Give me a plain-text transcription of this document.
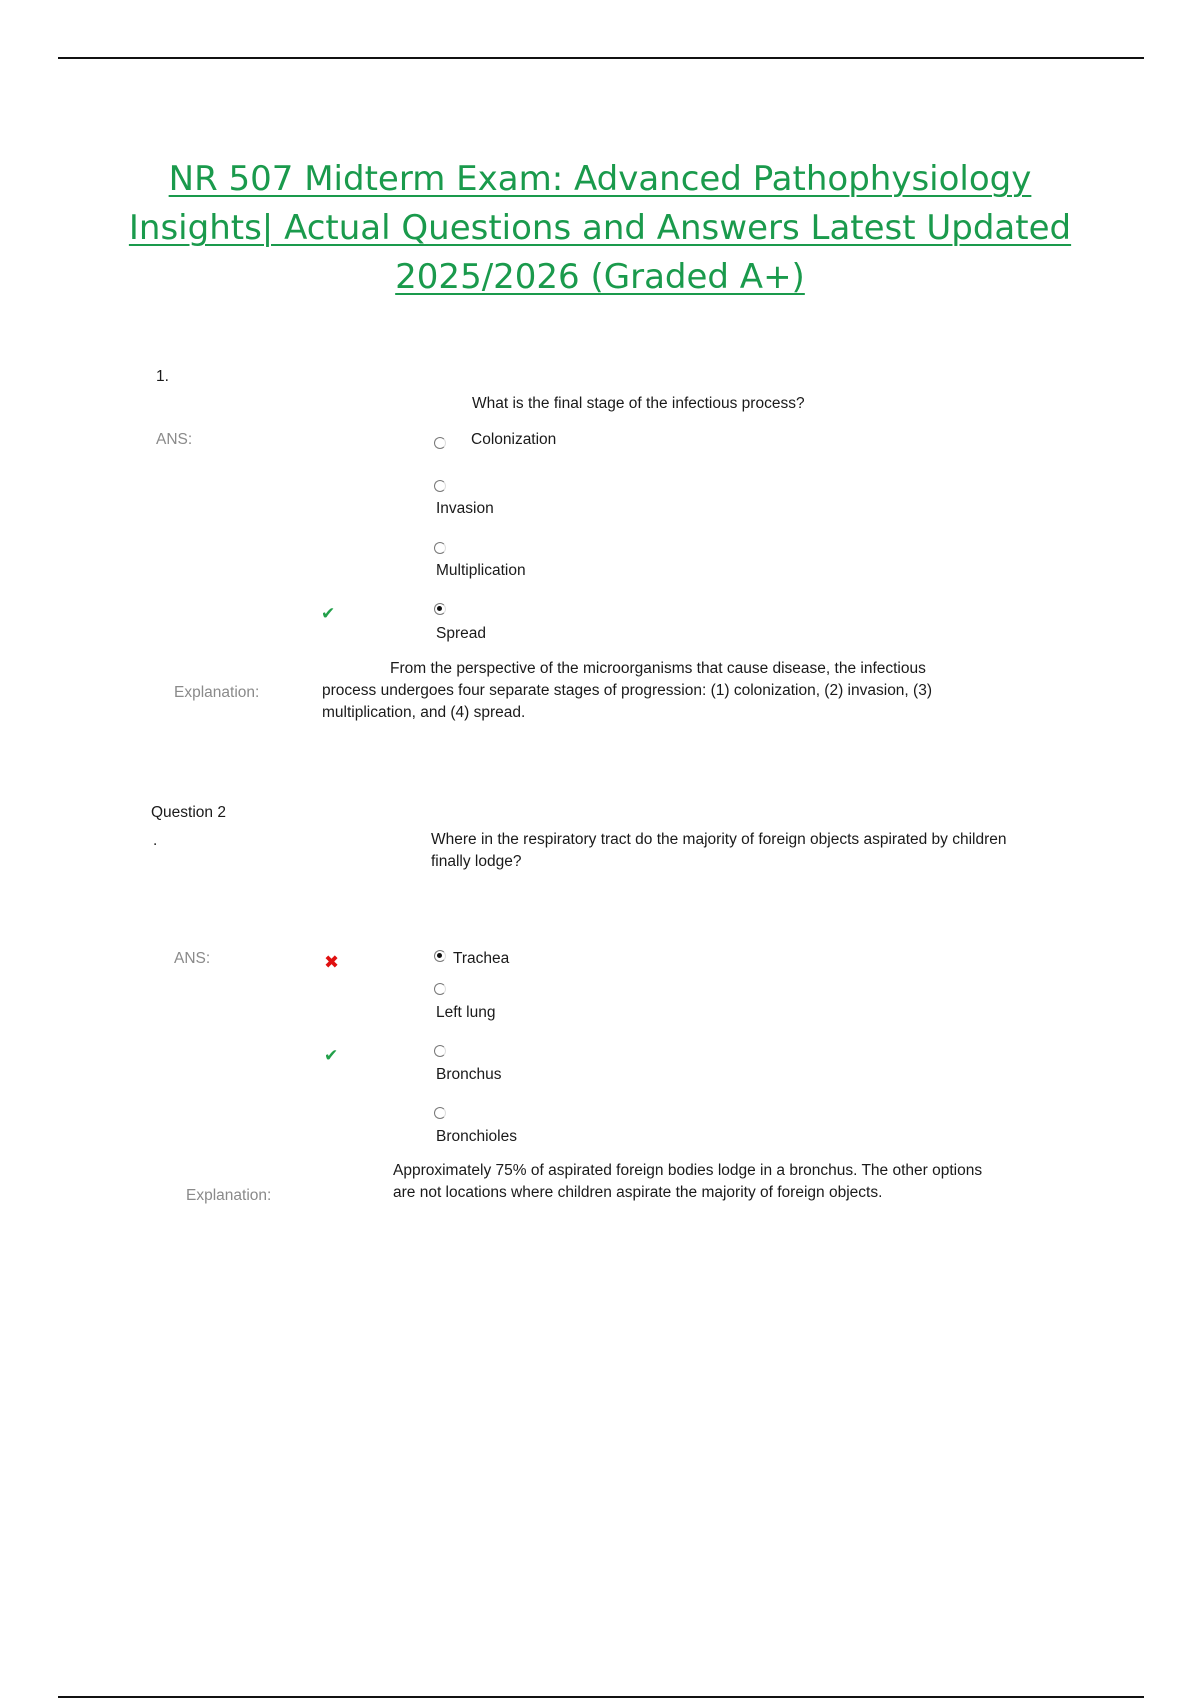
NR 507 Midterm Exam: Advanced Pathophysiology
Insights| Actual Questions and Answers Latest Updated
2025/2026 (Graded A+)
1.
What is the final stage of the infectious process?
ANS:	Colonization
Invasion
Multiplication
✔
Spread
Explanation:
From the perspective of the microorganisms that cause disease, the infectious process undergoes four separate stages of progression: (1) colonization, (2) invasion, (3) multiplication, and (4) spread.
Question 2
.	Where in the respiratory tract do the majority of foreign objects aspirated by children finally lodge?
ANS:	✖	Trachea
Left lung
✔
Bronchus
Bronchioles
Explanation:
Approximately 75% of aspirated foreign bodies lodge in a bronchus. The other options are not locations where children aspirate the majority of foreign objects.
